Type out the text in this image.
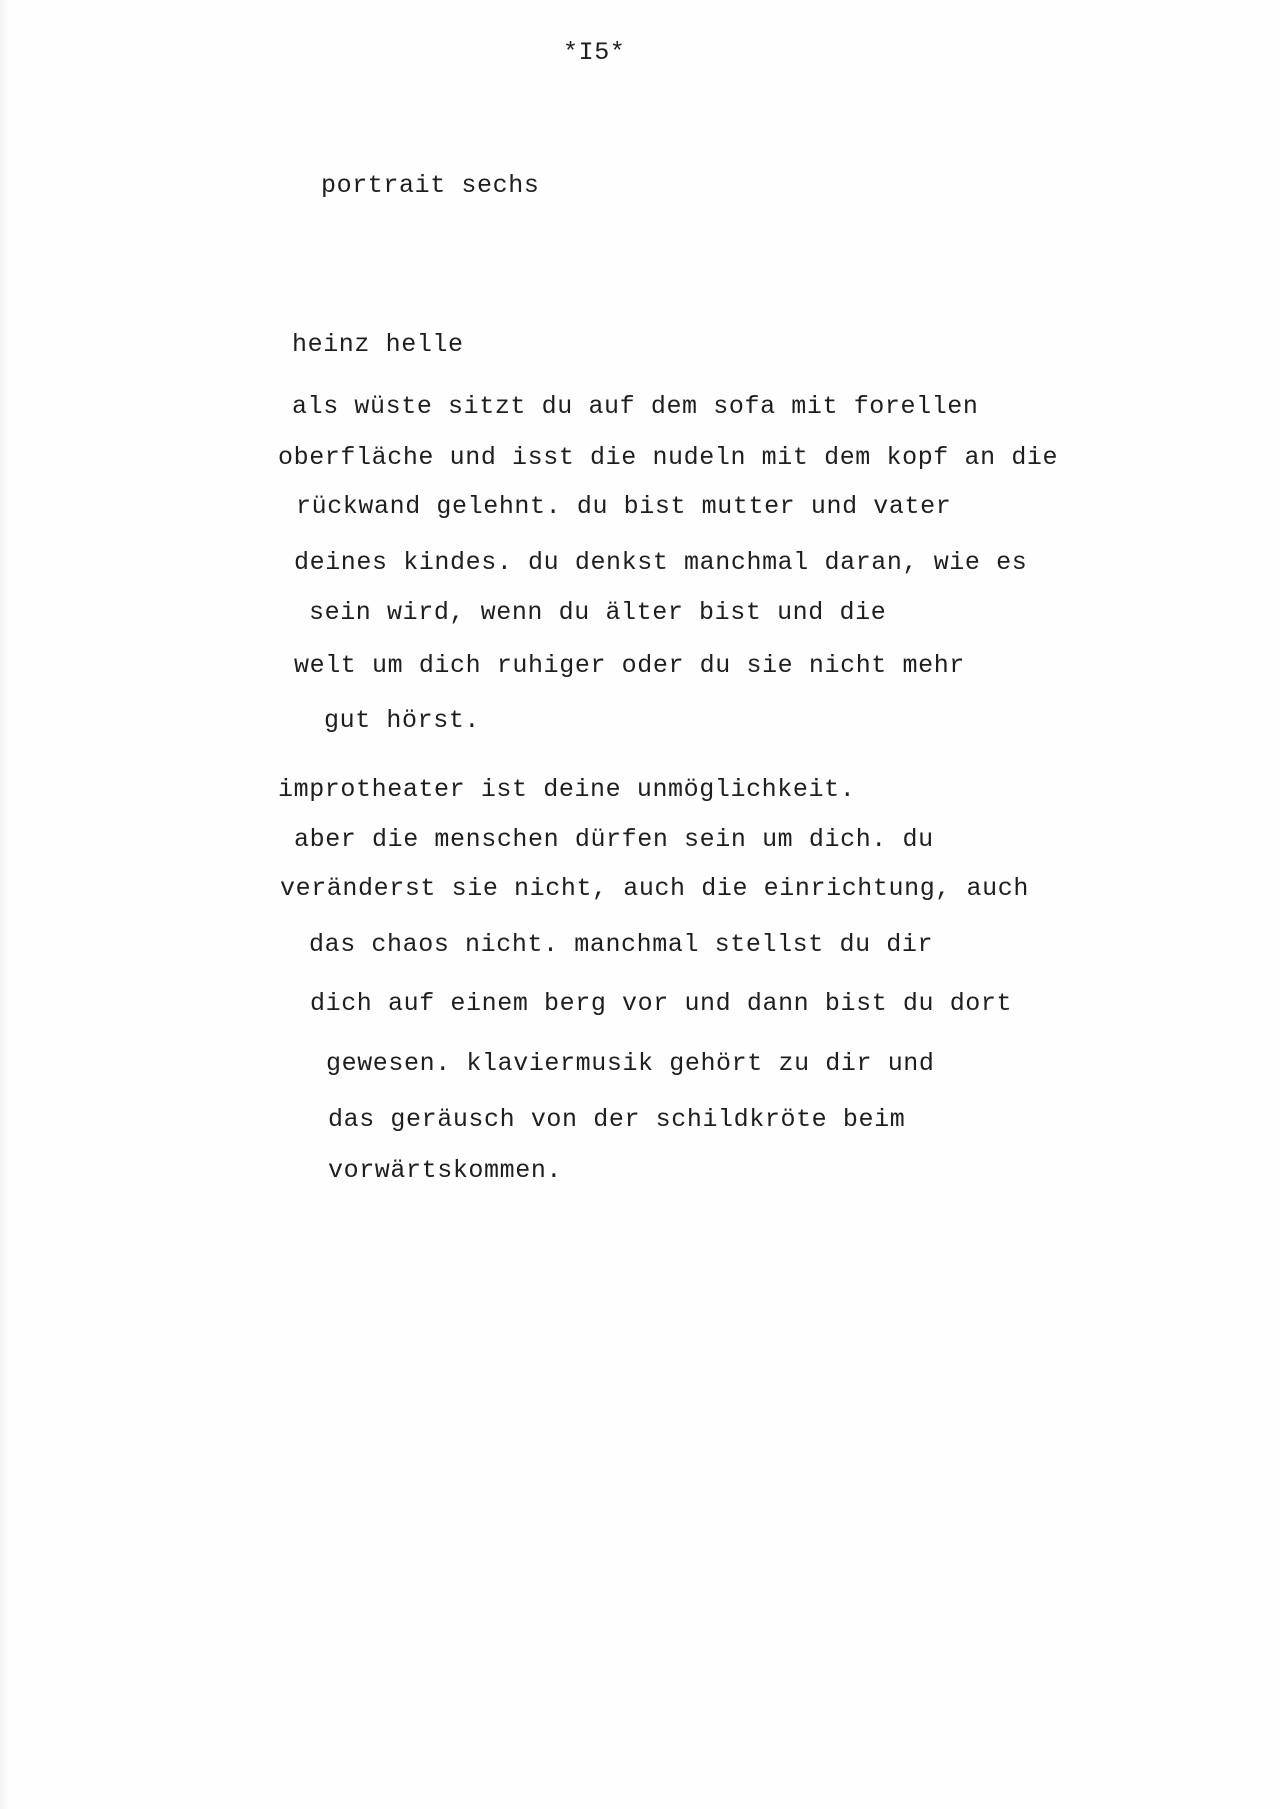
*I5*
portrait sechs
heinz helle
als wüste sitzt du auf dem sofa mit forellen
oberfläche und isst die nudeln mit dem kopf an die
rückwand gelehnt. du bist mutter und vater
deines kindes. du denkst manchmal daran, wie es
sein wird, wenn du älter bist und die
welt um dich ruhiger oder du sie nicht mehr
gut hörst.
improtheater ist deine unmöglichkeit.
aber die menschen dürfen sein um dich. du
veränderst sie nicht, auch die einrichtung, auch
das chaos nicht. manchmal stellst du dir
dich auf einem berg vor und dann bist du dort
gewesen. klaviermusik gehört zu dir und
das geräusch von der schildkröte beim
vorwärtskommen.
